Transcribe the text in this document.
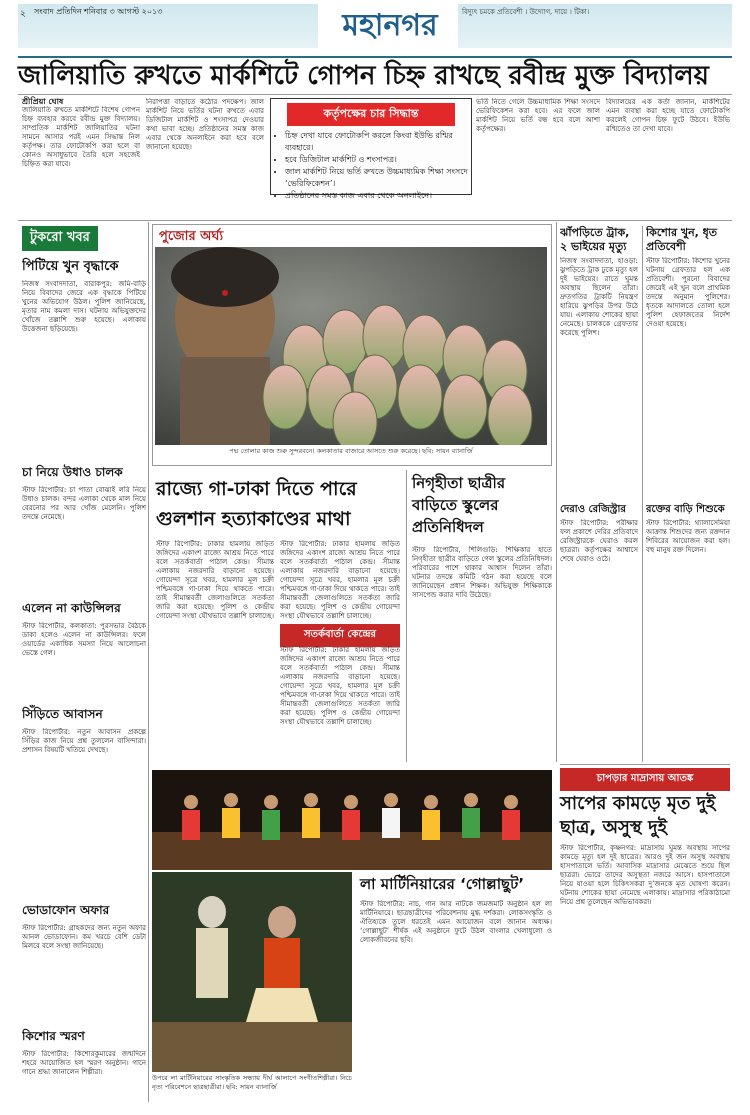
২ সংবাদ প্রতিদিন শনিবার ৩ আগস্ট ২০১৩	মহানগর	বিদ্যুৎ চমকে প্রতিবেশী । উদ্যোগ, দায়ে । টিকা।
জালিয়াতি রুখতে মার্কশিটে গোপন চিহ্ন রাখছে রবীন্দ্র মুক্ত বিদ্যালয়
শ্রীপ্রিয়া ঘোষ
জালিয়াতি রুখতে মার্কশিটে বিশেষ গোপন চিহ্ন ব্যবহার করবে রবীন্দ্র মুক্ত বিদ্যালয়। সাম্প্রতিক মার্কশিট জালিয়াতির ঘটনা সামনে আসার পরই এমন সিদ্ধান্ত নিল কর্তৃপক্ষ। তার ফোটোকপি করা হলে বা কোনও অসাধুভাবে তৈরি হলে সহজেই চিহ্নিত করা যাবে।
নিরাপত্তা বাড়াতে কঠোর পদক্ষেপ। জাল মার্কশিট নিয়ে ভর্তির ঘটনা রুখতে এবার ডিজিটাল মার্কশিট ও শংসাপত্র দেওয়ার কথা ভাবা হচ্ছে। প্রতিষ্ঠানের সমস্ত কাজ এবার থেকে অনলাইনে করা হবে বলে জানানো হয়েছে।
কর্তৃপক্ষের চার সিদ্ধান্ত
• চিহ্ন দেখা যাবে ফোটোকপি করলে কিংবা ইউভি রশ্মির ব্যবহারে।
• হবে ডিজিটাল মার্কশিট ও শংসাপত্র।
• জাল মার্কশিট নিয়ে ভর্তি রুখতে উচ্চমাধ্যমিক শিক্ষা সংসদে ‘ভেরিফিকেশন’।
• প্রতিষ্ঠানের সমস্ত কাজ এবার থেকে অনলাইনে।
ভর্তি নিতে গেলে উচ্চমাধ্যমিক শিক্ষা সংসদে ভেরিফিকেশন করা হবে। এর ফলে জাল মার্কশিট নিয়ে ভর্তি বন্ধ হবে বলে আশা কর্তৃপক্ষের।
বিদ্যালয়ের এক কর্তা জানান, মার্কশিটের এমন ব্যবস্থা করা হচ্ছে যাতে ফোটোকপি করলেই গোপন চিহ্ন ফুটে উঠবে। ইউভি রশ্মিতেও তা দেখা যাবে।
টুকরো খবর
পিটিয়ে খুন বৃদ্ধাকে
নিজস্ব সংবাদদাতা, বারাকপুর: জমি-বাড়ি নিয়ে বিবাদের জেরে এক বৃদ্ধাকে পিটিয়ে খুনের অভিযোগ উঠল। পুলিশ জানিয়েছে, মৃতার নাম কমলা দাস। ঘটনায় অভিযুক্তদের খোঁজে তল্লাশি শুরু হয়েছে। এলাকায় উত্তেজনা ছড়িয়েছে।
চা নিয়ে উধাও চালক
স্টাফ রিপোর্টার: চা পাতা বোঝাই লরি নিয়ে উধাও চালক। বন্দর এলাকা থেকে মাল নিয়ে বেরনোর পর আর খোঁজ মেলেনি। পুলিশ তদন্তে নেমেছে।
এলেন না কাউন্সিলর
স্টাফ রিপোর্টার, কলকাতা: পুরসভার বৈঠকে ডাকা হলেও এলেন না কাউন্সিলর। ফলে ওয়ার্ডের একাধিক সমস্যা নিয়ে আলোচনা ভেস্তে গেল।
সিঁড়িতে আবাসন
স্টাফ রিপোর্টার: নতুন আবাসন প্রকল্পে সিঁড়ির কাজ নিয়ে প্রশ্ন তুললেন বাসিন্দারা। প্রশাসন বিষয়টি খতিয়ে দেখছে।
ভোডাফোন অফার
স্টাফ রিপোর্টার: গ্রাহকদের জন্য নতুন অফার আনল ভোডাফোন। কম খরচে বেশি ডেটা মিলবে বলে সংস্থা জানিয়েছে।
কিশোর স্মরণ
স্টাফ রিপোর্টার: কিশোরকুমারের জন্মদিনে শহরে আয়োজিত হল স্মরণ অনুষ্ঠান। গানে গানে শ্রদ্ধা জানালেন শিল্পীরা।
পুজোর অর্ঘ্য
পদ্ম তোলার কাজ শুরু সুন্দরবনে। কলকাতার বাজারে আসতে শুরু করেছে। ছবি: সায়ন ব্যানার্জি
ঝাঁপড়িতে ট্রাক, ২ ভাইয়ের মৃত্যু
নিজস্ব সংবাদদাতা, হাওড়া: ঝুপড়িতে ট্রাক ঢুকে মৃত্যু হল দুই ভাইয়ের। রাতে ঘুমন্ত অবস্থায় ছিলেন তাঁরা। দ্রুতগতির ট্রাকটি নিয়ন্ত্রণ হারিয়ে ঝুপড়ির উপর উঠে যায়। এলাকায় শোকের ছায়া নেমেছে। চালককে গ্রেফতার করেছে পুলিশ।
দেরাও রেজিস্ট্রার
স্টাফ রিপোর্টার: পরীক্ষার ফল প্রকাশে দেরির প্রতিবাদে রেজিস্ট্রারকে ঘেরাও করল ছাত্ররা। কর্তৃপক্ষের আশ্বাসে শেষে ঘেরাও ওঠে।
কিশোর খুন, ধৃত প্রতিবেশী
স্টাফ রিপোর্টার: কিশোর খুনের ঘটনায় গ্রেফতার হল এক প্রতিবেশী। পুরনো বিবাদের জেরেই এই খুন বলে প্রাথমিক তদন্তে অনুমান পুলিশের। ধৃতকে আদালতে তোলা হলে পুলিশ হেফাজতের নির্দেশ দেওয়া হয়েছে।
রক্তের বাড়ি শিশুকে
স্টাফ রিপোর্টার: থ্যালাসেমিয়া আক্রান্ত শিশুদের জন্য রক্তদান শিবিরের আয়োজন করা হল। বহু মানুষ রক্ত দিলেন।
রাজ্যে গা-ঢাকা দিতে পারে গুলশান হত্যাকাণ্ডের মাথা
স্টাফ রিপোর্টার: ঢাকার হামলায় জড়িত জঙ্গিদের একাংশ রাজ্যে আশ্রয় নিতে পারে বলে সতর্কবার্তা পাঠাল কেন্দ্র। সীমান্ত এলাকায় নজরদারি বাড়ানো হয়েছে। গোয়েন্দা সূত্রে খবর, হামলার মূল চক্রী পশ্চিমবঙ্গে গা-ঢাকা দিয়ে থাকতে পারে। তাই সীমান্তবর্তী জেলাগুলিতে সতর্কতা জারি করা হয়েছে। পুলিশ ও কেন্দ্রীয় গোয়েন্দা সংস্থা যৌথভাবে তল্লাশি চালাচ্ছে।
সতর্কবার্তা কেন্দ্রের
স্টাফ রিপোর্টার: ঢাকার হামলায় জড়িত জঙ্গিদের একাংশ রাজ্যে আশ্রয় নিতে পারে বলে সতর্কবার্তা পাঠাল কেন্দ্র। সীমান্ত এলাকায় নজরদারি বাড়ানো হয়েছে। গোয়েন্দা সূত্রে খবর, হামলার মূল চক্রী পশ্চিমবঙ্গে গা-ঢাকা দিয়ে থাকতে পারে। তাই সীমান্তবর্তী জেলাগুলিতে সতর্কতা জারি করা হয়েছে। পুলিশ ও কেন্দ্রীয় গোয়েন্দা সংস্থা যৌথভাবে তল্লাশি চালাচ্ছে।
স্টাফ রিপোর্টার: ঢাকার হামলায় জড়িত জঙ্গিদের একাংশ রাজ্যে আশ্রয় নিতে পারে বলে সতর্কবার্তা পাঠাল কেন্দ্র। সীমান্ত এলাকায় নজরদারি বাড়ানো হয়েছে। গোয়েন্দা সূত্রে খবর, হামলার মূল চক্রী পশ্চিমবঙ্গে গা-ঢাকা দিয়ে থাকতে পারে। তাই সীমান্তবর্তী জেলাগুলিতে সতর্কতা জারি করা হয়েছে। পুলিশ ও কেন্দ্রীয় গোয়েন্দা সংস্থা যৌথভাবে তল্লাশি চালাচ্ছে।
নিগৃহীতা ছাত্রীর বাড়িতে স্কুলের প্রতিনিধিদল
স্টাফ রিপোর্টার, শিলিগুড়ি: শিক্ষিকার হাতে নিগৃহীতা ছাত্রীর বাড়িতে গেল স্কুলের প্রতিনিধিদল। পরিবারের পাশে থাকার আশ্বাস দিলেন তাঁরা। ঘটনার তদন্তে কমিটি গঠন করা হয়েছে বলে জানিয়েছেন প্রধান শিক্ষক। অভিযুক্ত শিক্ষিকাকে সাসপেন্ড করার দাবি উঠেছে।
চাপড়ার মাদ্রাসায় আতঙ্ক
সাপের কামড়ে মৃত দুই ছাত্র, অসুস্থ দুই
স্টাফ রিপোর্টার, কৃষ্ণনগর: মাদ্রাসায় ঘুমন্ত অবস্থায় সাপের কামড়ে মৃত্যু হল দুই ছাত্রের। আরও দুই জন অসুস্থ অবস্থায় হাসপাতালে ভর্তি। আবাসিক মাদ্রাসার মেঝেতে শুয়ে ছিল ছাত্ররা। ভোরে তাদের অসুস্থতা নজরে আসে। হাসপাতালে নিয়ে যাওয়া হলে চিকিৎসকরা দু’জনকে মৃত ঘোষণা করেন। ঘটনায় শোকের ছায়া নেমেছে এলাকায়। মাদ্রাসার পরিকাঠামো নিয়ে প্রশ্ন তুলেছেন অভিভাবকরা।
লা মার্টিনিয়ারের ‘গোল্লাছুট’
স্টাফ রিপোর্টার: নাচ, গান আর নাটকে জমজমাট অনুষ্ঠান হল লা মার্টিনিয়ারে। ছাত্রছাত্রীদের পরিবেশনায় মুগ্ধ দর্শকরা। লোকসংস্কৃতি ও ঐতিহ্যকে তুলে ধরতেই এমন আয়োজন বলে জানান অধ্যক্ষ। ‘গোল্লাছুট’ শীর্ষক এই অনুষ্ঠানে ফুটে উঠল বাংলার খেলাধুলো ও লোকজীবনের ছবি।
উপরে লা মার্টিনিয়ারের সাংস্কৃতিক সন্ধ্যায় দীর্ঘ আলাপে সংগীতশিল্পীরা। নিচে নৃত্য পরিবেশনে ছাত্রছাত্রীরা। ছবি: সায়ন ব্যানার্জি
